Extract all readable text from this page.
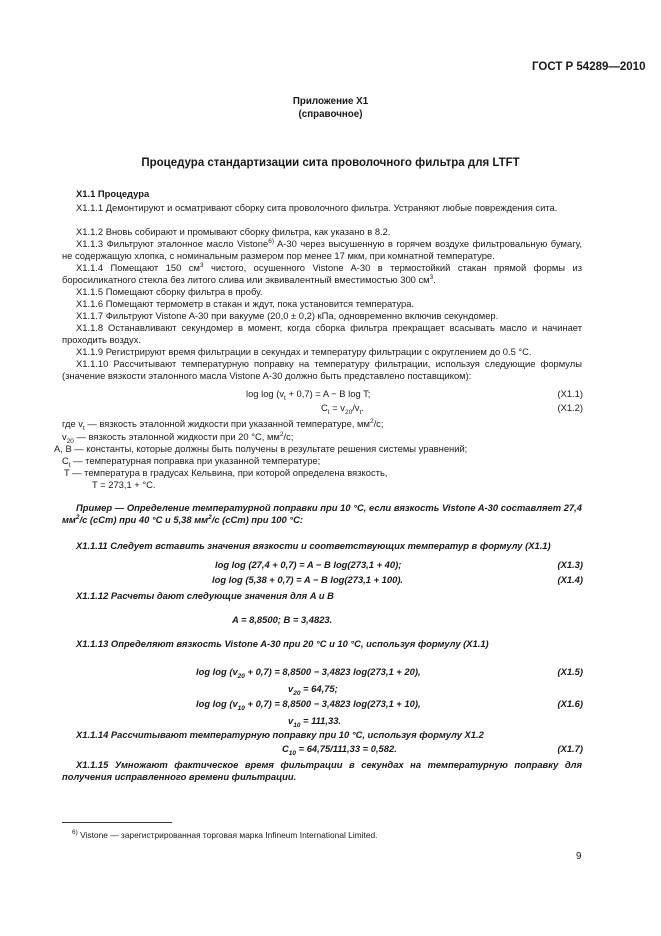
ГОСТ Р 54289—2010
Приложение X1
(справочное)
Процедура стандартизации сита проволочного фильтра для LTFT
X1.1 Процедура
X1.1.1 Демонтируют и осматривают сборку сита проволочного фильтра. Устраняют любые повреждения сита.
X1.1.2 Вновь собирают и промывают сборку фильтра, как указано в 8.2.
X1.1.3 Фильтруют эталонное масло Vistone$^{6)}$ A-30 через высушенную в горячем воздухе фильтровальную бумагу, не содержащую хлопка, с номинальным размером пор менее 17 мкм, при комнатной температуре.
X1.1.4 Помещают 150 $см^3$ чистого, осушенного Vistone A-30 в термостойкий стакан прямой формы из боросиликатного стекла без литого слива или эквивалентный вместимостью 300 $см^3$.
X1.1.5 Помещают сборку фильтра в пробу.
X1.1.6 Помещают термометр в стакан и ждут, пока установится температура.
X1.1.7 Фильтруют Vistone A-30 при вакууме (20,0 ± 0,2) кПа, одновременно включив секундомер.
X1.1.8 Останавливают секундомер в момент, когда сборка фильтра прекращает всасывать масло и начинает проходить воздух.
X1.1.9 Регистрируют время фильтрации в секундах и температуру фильтрации с округлением до 0.5 °C.
X1.1.10 Рассчитывают температурную поправку на температуру фильтрации, используя следующие формулы (значение вязкости эталонного масла Vistone A-30 должно быть представлено поставщиком):
$\log \log (v_t + 0,7) = A - B$ log T;	(X1.1)
$C_t = v_{20}/v_t$.	(X1.2)
где $v_t$ — вязкость эталонной жидкости при указанной температуре, $мм^2/с$;
$v_{20}$ — вязкость эталонной жидкости при 20 °C, $мм^2/с$;
A, B — константы, которые должны быть получены в результате решения системы уравнений;
$C_t$ — температурная поправка при указанной температуре;
T — температура в градусах Кельвина, при которой определена вязкость,
T = 273,1 + °C.
Пример — Определение температурной поправки при 10 °C, если вязкость Vistone A-30 составляет 27,4 $мм^2/с$ (сСт) при 40 °C и 5,38 $мм^2/с$ (сСт) при 100 °C:
X1.1.11 Следует вставить значения вязкости и соответствующих температур в формулу (X1.1)
log log (27,4 + 0,7) = A − B log(273,1 + 40);	(X1.3)
log log (5,38 + 0,7) = A − B log(273,1 + 100).	(X1.4)
X1.1.12 Расчеты дают следующие значения для A и B
A = 8,8500; B = 3,4823.
X1.1.13 Определяют вязкость Vistone A-30 при 20 °C и 10 °C, используя формулу (X1.1)
$\log \log (v_{20} + 0,7) = 8,8500 - 3,4823$ log(273,1 + 20),	(X1.5)
$v_{20} = 64,75$;
$\log \log (v_{10} + 0,7) = 8,8500 - 3,4823$ log(273,1 + 10),	(X1.6)
$v_{10} = 111,33$.
X1.1.14 Рассчитывают температурную поправку при 10 °C, используя формулу X1.2
$C_{10} = 64,75/111,33 = 0,582$.	(X1.7)
X1.1.15 Умножают фактическое время фильтрации в секундах на температурную поправку для получения исправленного времени фильтрации.
$^{6)}$ Vistone — зарегистрированная торговая марка Infineum International Limited.
9
